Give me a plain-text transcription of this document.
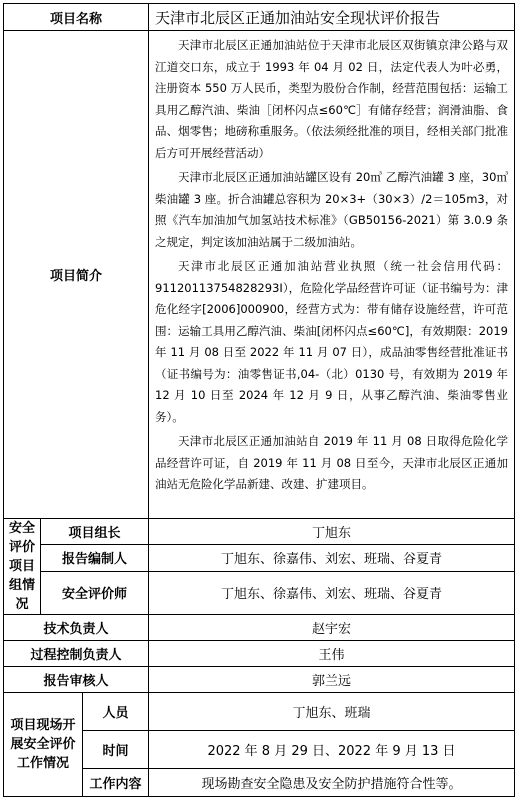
项目名称			天津市北辰区正通加油站安全现状评价报告
项目简介			天津市北辰区正通加油站位于天津市北辰区双街镇京津公路与双江道交口东，成立于 1993 年 04 月 02 日，法定代表人为叶必勇，注册资本 550 万人民币，类型为股份合作制，经营范围包括：运输工具用乙醇汽油、柴油［闭杯闪点≤60℃］有储存经营；润滑油脂、食品、烟零售；地磅称重服务。（依法须经批准的项目，经相关部门批准后方可开展经营活动）

天津市北辰区正通加油站罐区设有 20㎥ 乙醇汽油罐 3 座，30㎥ 柴油罐 3 座。折合油罐总容积为 20×3+（30×3）/2＝105m3，对照《汽车加油加气加氢站技术标准》（GB50156-2021）第 3.0.9 条之规定，判定该加油站属于二级加油站。

天津市北辰区正通加油站营业执照（统一社会信用代码：91120113754828293I），危险化学品经营许可证（证书编号为：津危化经字[2006]000900，经营方式为：带有储存设施经营，许可范围：运输工具用乙醇汽油、柴油[闭杯闪点≤60℃]，有效期限：2019 年 11 月 08 日至 2022 年 11 月 07 日），成品油零售经营批准证书（证书编号为：油零售证书,04-（北）0130 号，有效期为 2019 年 12 月 10 日至 2024 年 12 月 9 日，从事乙醇汽油、柴油零售业务）。

天津市北辰区正通加油站自 2019 年 11 月 08 日取得危险化学品经营许可证，自 2019 年 11 月 08 日至今，天津市北辰区正通加油站无危险化学品新建、改建、扩建项目。

安全评价项目组情况	项目组长		丁旭东
	报告编制人		丁旭东、徐嘉伟、刘宏、班瑞、谷夏青
	安全评价师		丁旭东、徐嘉伟、刘宏、班瑞、谷夏青
技术负责人			赵宇宏
过程控制负责人			王伟
报告审核人			郭兰远
项目现场开展安全评价工作情况		人员	丁旭东、班瑞
		时间	2022 年 8 月 29 日、2022 年 9 月 13 日
		工作内容	现场勘查安全隐患及安全防护措施符合性等。
